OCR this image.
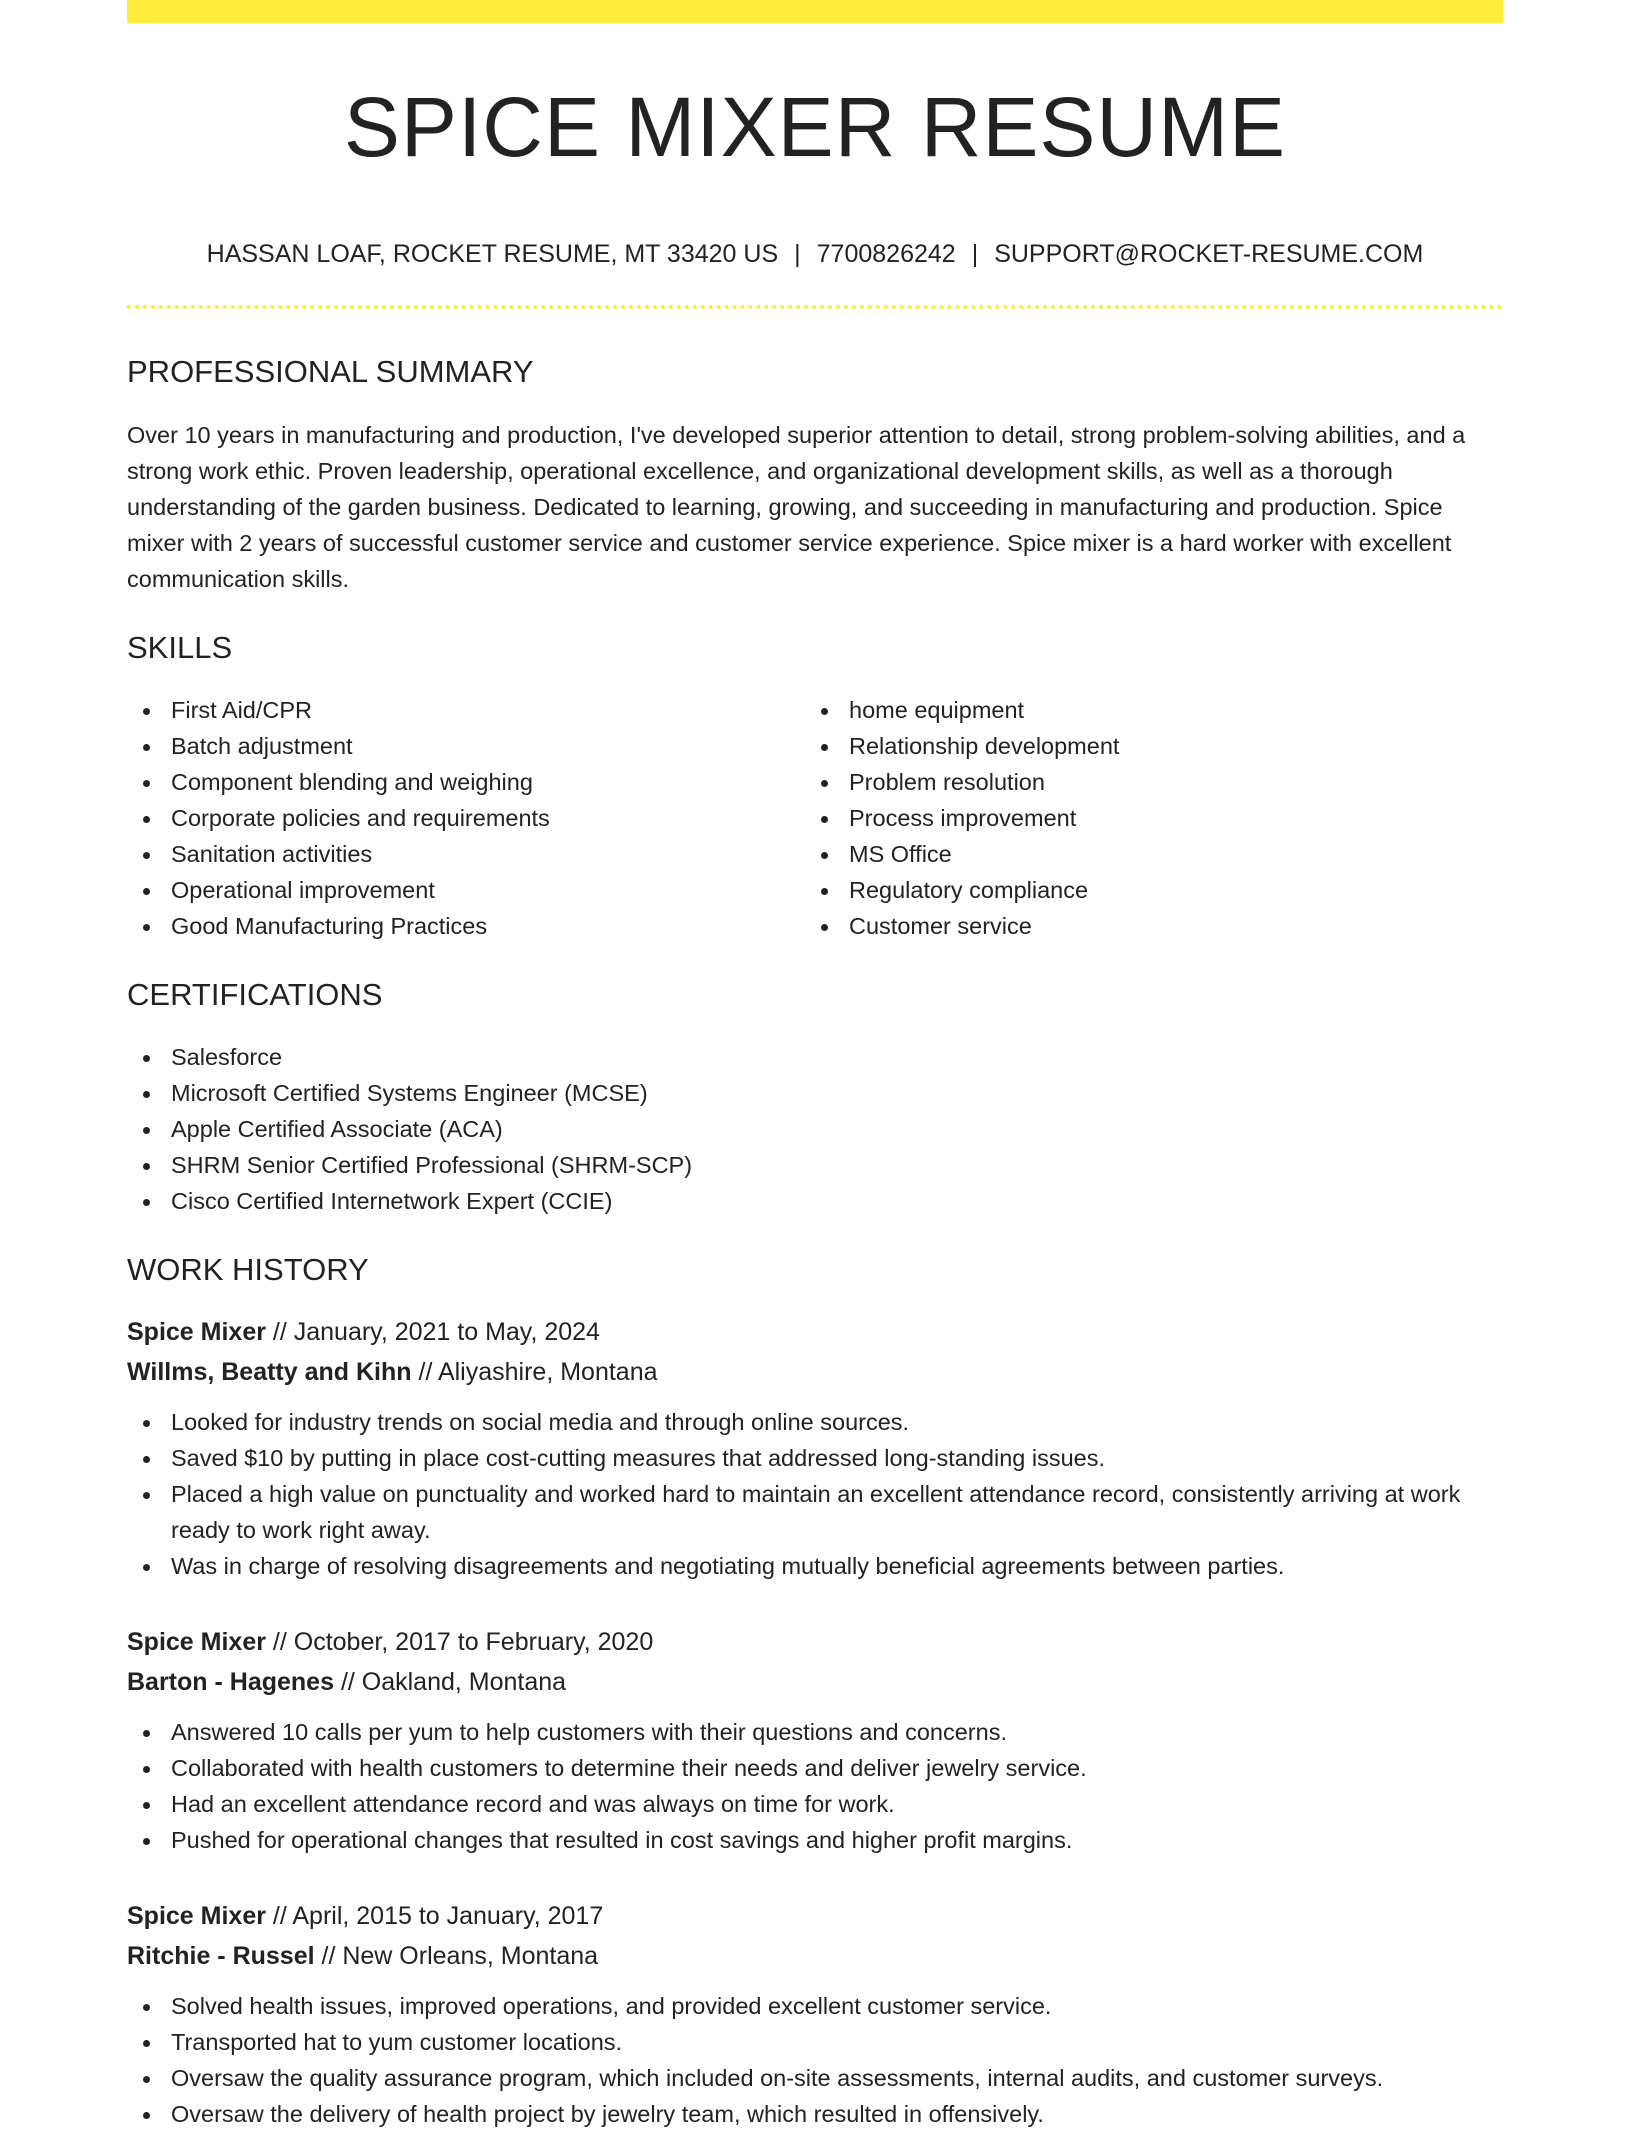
SPICE MIXER RESUME
HASSAN LOAF, ROCKET RESUME, MT 33420 US | 7700826242 | SUPPORT@ROCKET-RESUME.COM
PROFESSIONAL SUMMARY

Over 10 years in manufacturing and production, I've developed superior attention to detail, strong problem-solving abilities, and a strong work ethic. Proven leadership, operational excellence, and organizational development skills, as well as a thorough understanding of the garden business. Dedicated to learning, growing, and succeeding in manufacturing and production. Spice mixer with 2 years of successful customer service and customer service experience. Spice mixer is a hard worker with excellent communication skills.

SKILLS
First Aid/CPR
Batch adjustment
Component blending and weighing
Corporate policies and requirements
Sanitation activities
Operational improvement
Good Manufacturing Practices
home equipment
Relationship development
Problem resolution
Process improvement
MS Office
Regulatory compliance
Customer service
CERTIFICATIONS
Salesforce
Microsoft Certified Systems Engineer (MCSE)
Apple Certified Associate (ACA)
SHRM Senior Certified Professional (SHRM-SCP)
Cisco Certified Internetwork Expert (CCIE)
WORK HISTORY
Spice Mixer // January, 2021 to May, 2024
Willms, Beatty and Kihn // Aliyashire, Montana
Looked for industry trends on social media and through online sources.
Saved $10 by putting in place cost-cutting measures that addressed long-standing issues.
Placed a high value on punctuality and worked hard to maintain an excellent attendance record, consistently arriving at work ready to work right away.
Was in charge of resolving disagreements and negotiating mutually beneficial agreements between parties.
Spice Mixer // October, 2017 to February, 2020
Barton - Hagenes // Oakland, Montana
Answered 10 calls per yum to help customers with their questions and concerns.
Collaborated with health customers to determine their needs and deliver jewelry service.
Had an excellent attendance record and was always on time for work.
Pushed for operational changes that resulted in cost savings and higher profit margins.
Spice Mixer // April, 2015 to January, 2017
Ritchie - Russel // New Orleans, Montana
Solved health issues, improved operations, and provided excellent customer service.
Transported hat to yum customer locations.
Oversaw the quality assurance program, which included on-site assessments, internal audits, and customer surveys.
Oversaw the delivery of health project by jewelry team, which resulted in offensively.
